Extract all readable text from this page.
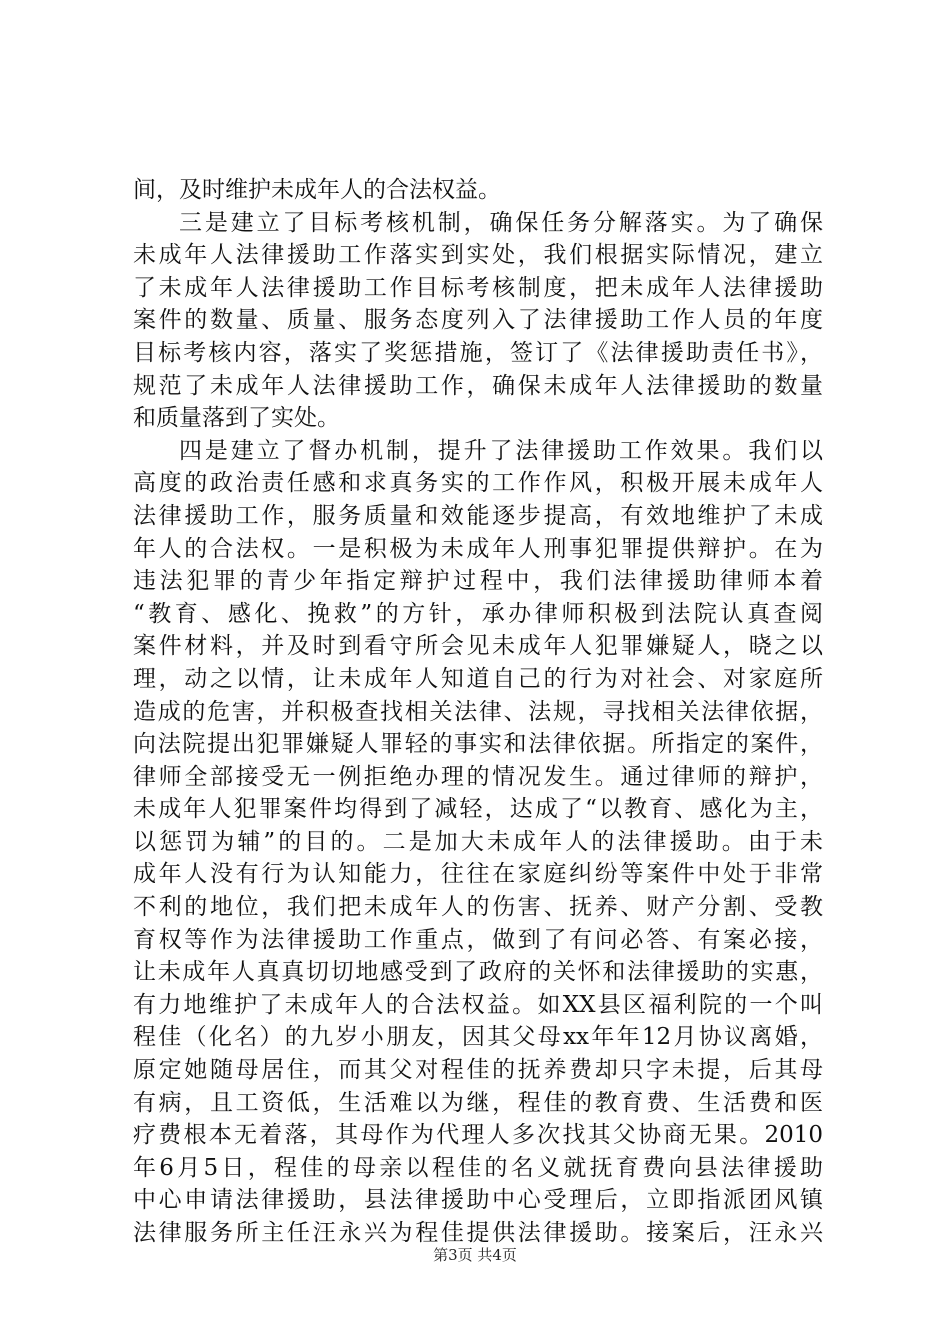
间，及时维护未成年人的合法权益。
三是建立了目标考核机制，确保任务分解落实。为了确保
未成年人法律援助工作落实到实处，我们根据实际情况，建立
了未成年人法律援助工作目标考核制度，把未成年人法律援助
案件的数量、质量、服务态度列入了法律援助工作人员的年度
目标考核内容，落实了奖惩措施，签订了《法律援助责任书》，
规范了未成年人法律援助工作，确保未成年人法律援助的数量
和质量落到了实处。
四是建立了督办机制，提升了法律援助工作效果。我们以
高度的政治责任感和求真务实的工作作风，积极开展未成年人
法律援助工作，服务质量和效能逐步提高，有效地维护了未成
年人的合法权。一是积极为未成年人刑事犯罪提供辩护。在为
违法犯罪的青少年指定辩护过程中，我们法律援助律师本着
“教育、感化、挽救”的方针，承办律师积极到法院认真查阅
案件材料，并及时到看守所会见未成年人犯罪嫌疑人，晓之以
理，动之以情，让未成年人知道自己的行为对社会、对家庭所
造成的危害，并积极查找相关法律、法规，寻找相关法律依据，
向法院提出犯罪嫌疑人罪轻的事实和法律依据。所指定的案件，
律师全部接受无一例拒绝办理的情况发生。通过律师的辩护，
未成年人犯罪案件均得到了减轻，达成了“以教育、感化为主，
以惩罚为辅”的目的。二是加大未成年人的法律援助。由于未
成年人没有行为认知能力，往往在家庭纠纷等案件中处于非常
不利的地位，我们把未成年人的伤害、抚养、财产分割、受教
育权等作为法律援助工作重点，做到了有问必答、有案必接，
让未成年人真真切切地感受到了政府的关怀和法律援助的实惠，
有力地维护了未成年人的合法权益。如XX县区福利院的一个叫
程佳（化名）的九岁小朋友，因其父母xx年年12月协议离婚，
原定她随母居住，而其父对程佳的抚养费却只字未提，后其母
有病，且工资低，生活难以为继，程佳的教育费、生活费和医
疗费根本无着落，其母作为代理人多次找其父协商无果。2010
年6月5日，程佳的母亲以程佳的名义就抚育费向县法律援助
中心申请法律援助，县法律援助中心受理后，立即指派团风镇
法律服务所主任汪永兴为程佳提供法律援助。接案后，汪永兴
第3页 共4页
